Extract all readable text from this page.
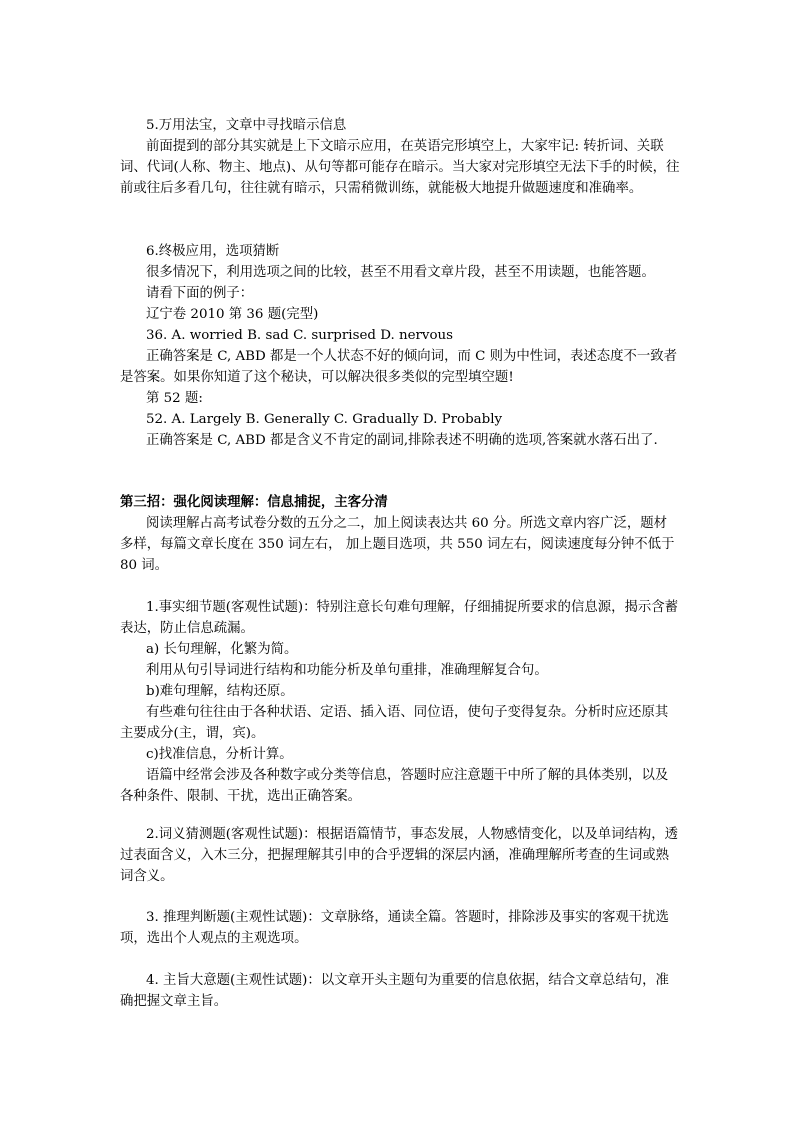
5.万用法宝，文章中寻找暗示信息
前面提到的部分其实就是上下文暗示应用，在英语完形填空上，大家牢记: 转折词、关联词、代词(人称、物主、地点)、从句等都可能存在暗示。当大家对完形填空无法下手的时候，往前或往后多看几句，往往就有暗示，只需稍微训练，就能极大地提升做题速度和准确率。
6.终极应用，选项猜断
很多情况下，利用选项之间的比较，甚至不用看文章片段，甚至不用读题，也能答题。
请看下面的例子：
辽宁卷 2010 第 36 题(完型)
36. A. worried B. sad C. surprised D. nervous
正确答案是 C, ABD 都是一个人状态不好的倾向词，而 C 则为中性词，表述态度不一致者是答案。如果你知道了这个秘诀，可以解决很多类似的完型填空题!
第 52 题:
52. A. Largely B. Generally C. Gradually D. Probably
正确答案是 C, ABD 都是含义不肯定的副词,排除表述不明确的选项,答案就水落石出了.
第三招：强化阅读理解：信息捕捉，主客分清
阅读理解占高考试卷分数的五分之二，加上阅读表达共 60 分。所选文章内容广泛，题材多样，每篇文章长度在 350 词左右， 加上题目选项，共 550 词左右，阅读速度每分钟不低于 80 词。
1.事实细节题(客观性试题)：特别注意长句难句理解，仔细捕捉所要求的信息源，揭示含蓄表达，防止信息疏漏。
a) 长句理解，化繁为简。
利用从句引导词进行结构和功能分析及单句重排，准确理解复合句。
b)难句理解，结构还原。
有些难句往往由于各种状语、定语、插入语、同位语，使句子变得复杂。分析时应还原其主要成分(主，谓，宾)。
c)找准信息，分析计算。
语篇中经常会涉及各种数字或分类等信息，答题时应注意题干中所了解的具体类别，以及各种条件、限制、干扰，选出正确答案。
2.词义猜测题(客观性试题)：根据语篇情节，事态发展，人物感情变化，以及单词结构，透过表面含义，入木三分，把握理解其引申的合乎逻辑的深层内涵，准确理解所考查的生词或熟词含义。
3. 推理判断题(主观性试题)：文章脉络，通读全篇。答题时，排除涉及事实的客观干扰选项，选出个人观点的主观选项。
4. 主旨大意题(主观性试题)：以文章开头主题句为重要的信息依据，结合文章总结句，准确把握文章主旨。
